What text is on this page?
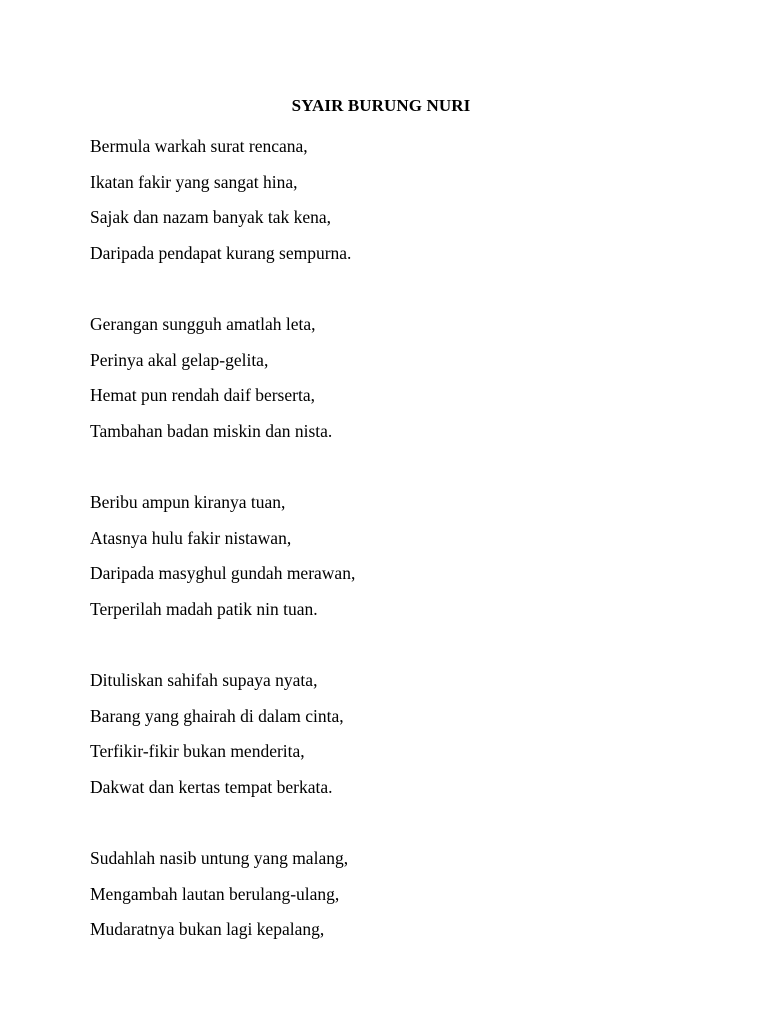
SYAIR BURUNG NURI
Bermula warkah surat rencana,
Ikatan fakir yang sangat hina,
Sajak dan nazam banyak tak kena,
Daripada pendapat kurang sempurna.
Gerangan sungguh amatlah leta,
Perinya akal gelap-gelita,
Hemat pun rendah daif berserta,
Tambahan badan miskin dan nista.
Beribu ampun kiranya tuan,
Atasnya hulu fakir nistawan,
Daripada masyghul gundah merawan,
Terperilah madah patik nin tuan.
Dituliskan sahifah supaya nyata,
Barang yang ghairah di dalam cinta,
Terfikir-fikir bukan menderita,
Dakwat dan kertas tempat berkata.
Sudahlah nasib untung yang malang,
Mengambah lautan berulang-ulang,
Mudaratnya bukan lagi kepalang,
